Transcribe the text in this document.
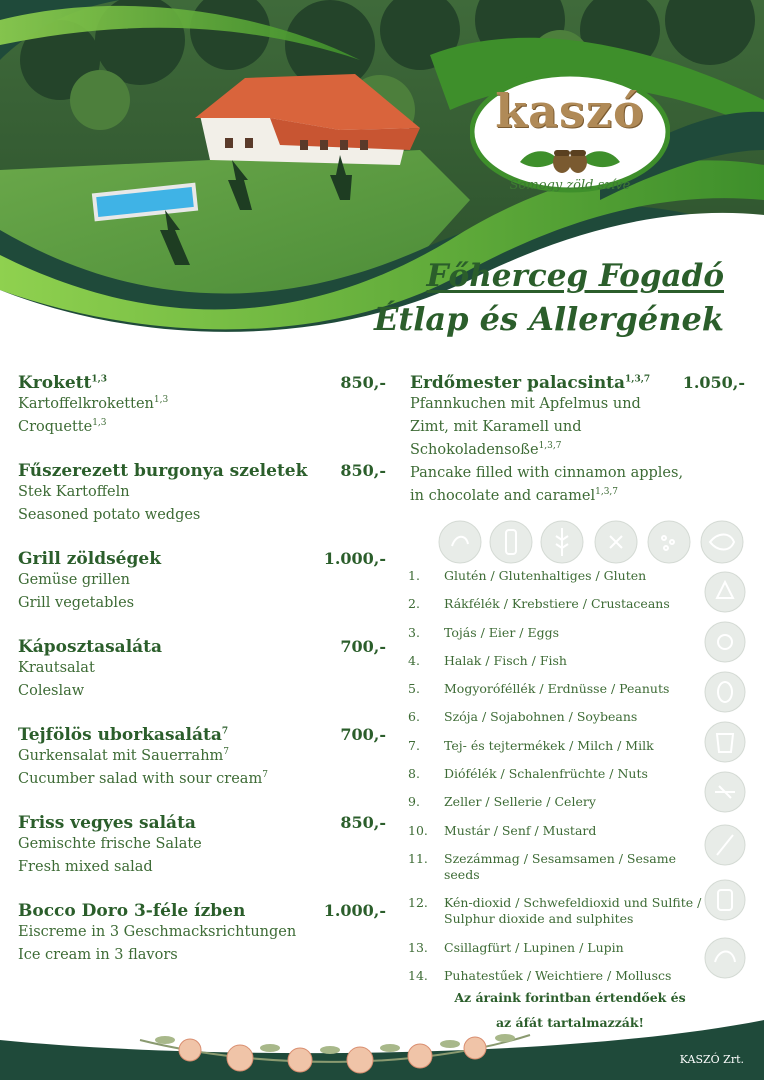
kaszó
Somogy zöld szíve
Főherceg Fogadó
Étlap és Allergének
Krokett$^{1,3}$	850,-
Kartoffelkroketten$^{1,3}$
Croquette$^{1,3}$
Fűszerezett burgonya szeletek 850,-
Stek Kartoffeln
Seasoned potato wedges
Grill zöldségek	1.000,-
Gemüse grillen
Grill vegetables
Káposztasaláta	700,-
Krautsalat
Coleslaw
Tejfölös uborkasaláta$^7$	700,-
Gurkensalat mit Sauerrahm$^7$
Cucumber salad with sour cream$^7$
Friss vegyes saláta	850,-
Gemischte frische Salate
Fresh mixed salad
Bocco Doro 3-féle ízben	1.000,-
Eiscreme in 3 Geschmacksrichtungen
Ice cream in 3 flavors
Erdőmester palacsinta$^{1,3,7}$ 1.050,-
Pfannkuchen mit Apfelmus und
Zimt, mit Karamell und
Schokoladensoße$^{1,3,7}$
Pancake filled with cinnamon apples,
in chocolate and caramel$^{1,3,7}$
1.	Glutén / Glutenhaltiges / Gluten
2.	Rákfélék / Krebstiere / Crustaceans
3.	Tojás / Eier / Eggs
4.	Halak / Fisch / Fish
5.	Mogyoróféllék / Erdnüsse / Peanuts
6.	Szója / Sojabohnen / Soybeans
7.	Tej- és tejtermékek / Milch / Milk
8.	Diófélék / Schalenfrüchte / Nuts
9.	Zeller / Sellerie / Celery
10.	Mustár / Senf / Mustard
11.	Szezámmag / Sesamsamen / Sesame seeds
12.	Kén-dioxid / Schwefeldioxid und Sulfite / Sulphur dioxide and sulphites
13.	Csillagfürt / Lupinen / Lupin
14.	Puhatestűek / Weichtiere / Molluscs
Az áraink forintban értendőek és
az áfát tartalmazzák!
KASZÓ Zrt.
